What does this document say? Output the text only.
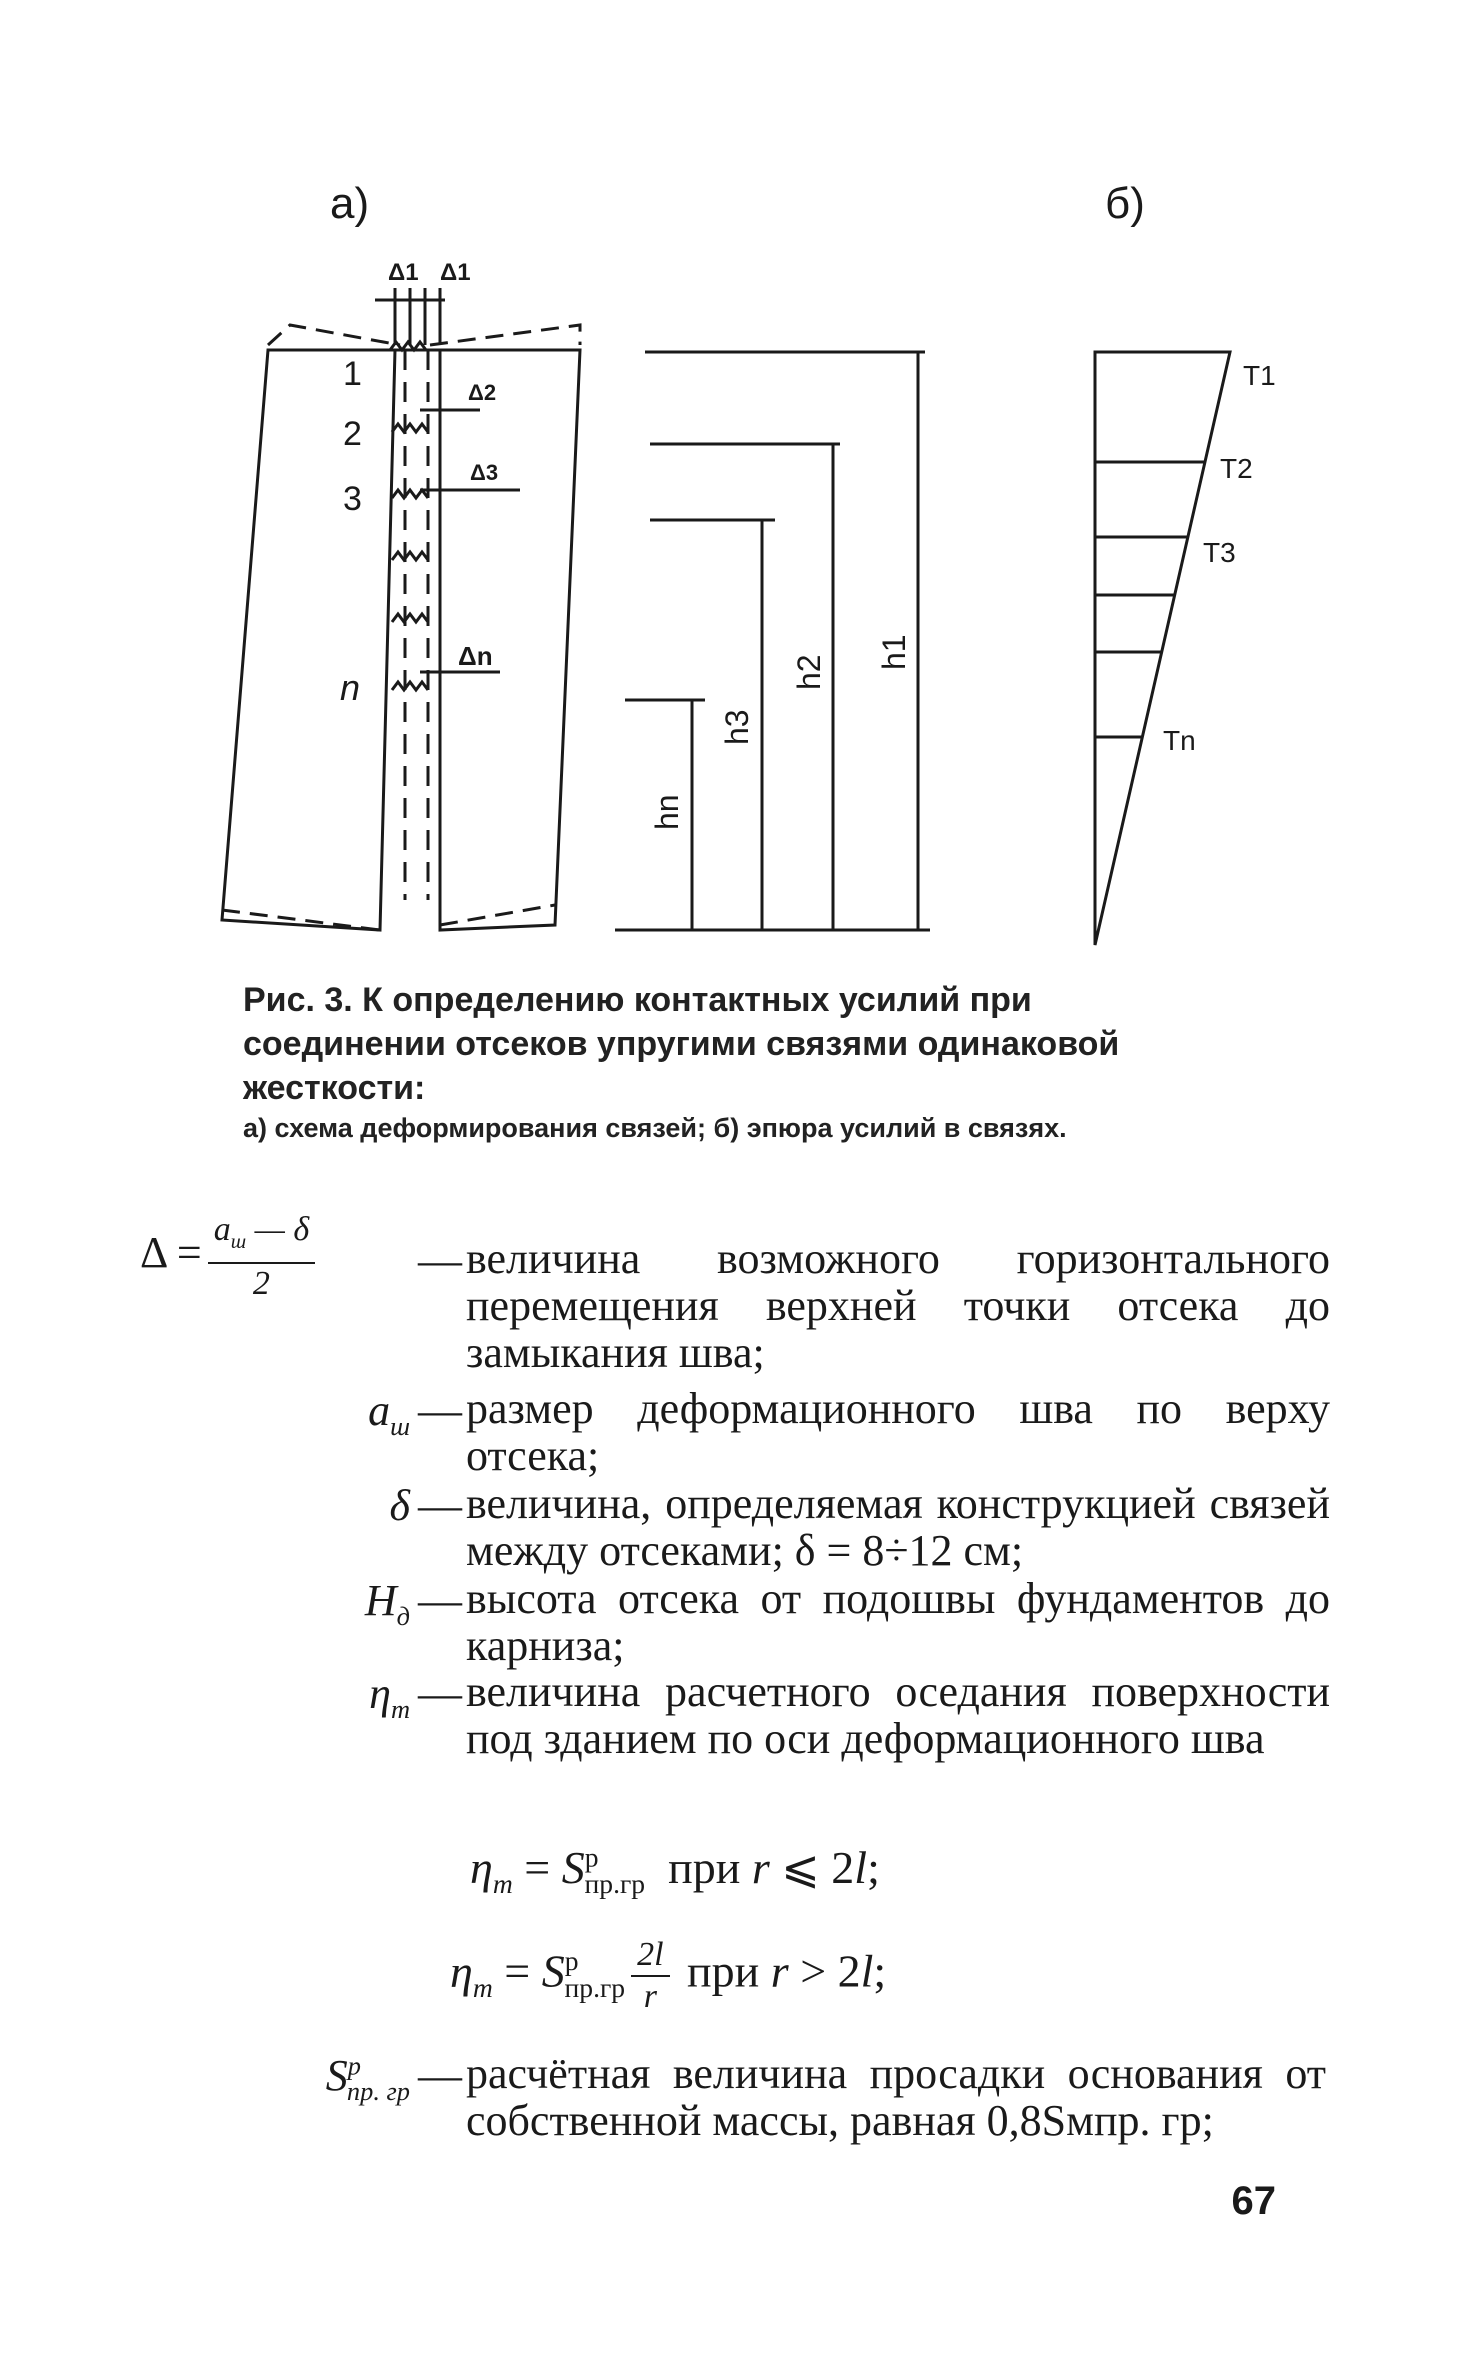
а)	б)
Δ1 Δ1
1
2
3
n
Δ2
Δ3
Δn
hn
h3
h2
h1
T1
T2
T3
Tn
Рис. 3. К определению контактных усилий при соединении отсеков упругими связями одинаковой жесткости:
а) схема деформирования связей; б) эпюра усилий в связях.
$\Delta = \frac{a_ш — \delta}{2}$ — величина возможного горизонтального перемещения верхней точки отсека до замыкания шва;
$a_ш$ — размер деформационного шва по верху отсека;
δ — величина, определяемая конструкцией связей между отсеками; δ = 8÷12 см;
$H_д$ — высота отсека от подошвы фундаментов до карниза;
$\eta_m$ — величина расчетного оседания поверхности под зданием по оси деформационного шва
$\eta_m = S^р_{пр.гр}$  при r ⩽ 2l;
$\eta_m = S^р_{пр.гр} \frac{2l}{r}$ при r > 2l;
$S^р_{пр. гр}$ — расчётная величина просадки основания от собственной массы, равная 0,8Sмпр. гр;
67
